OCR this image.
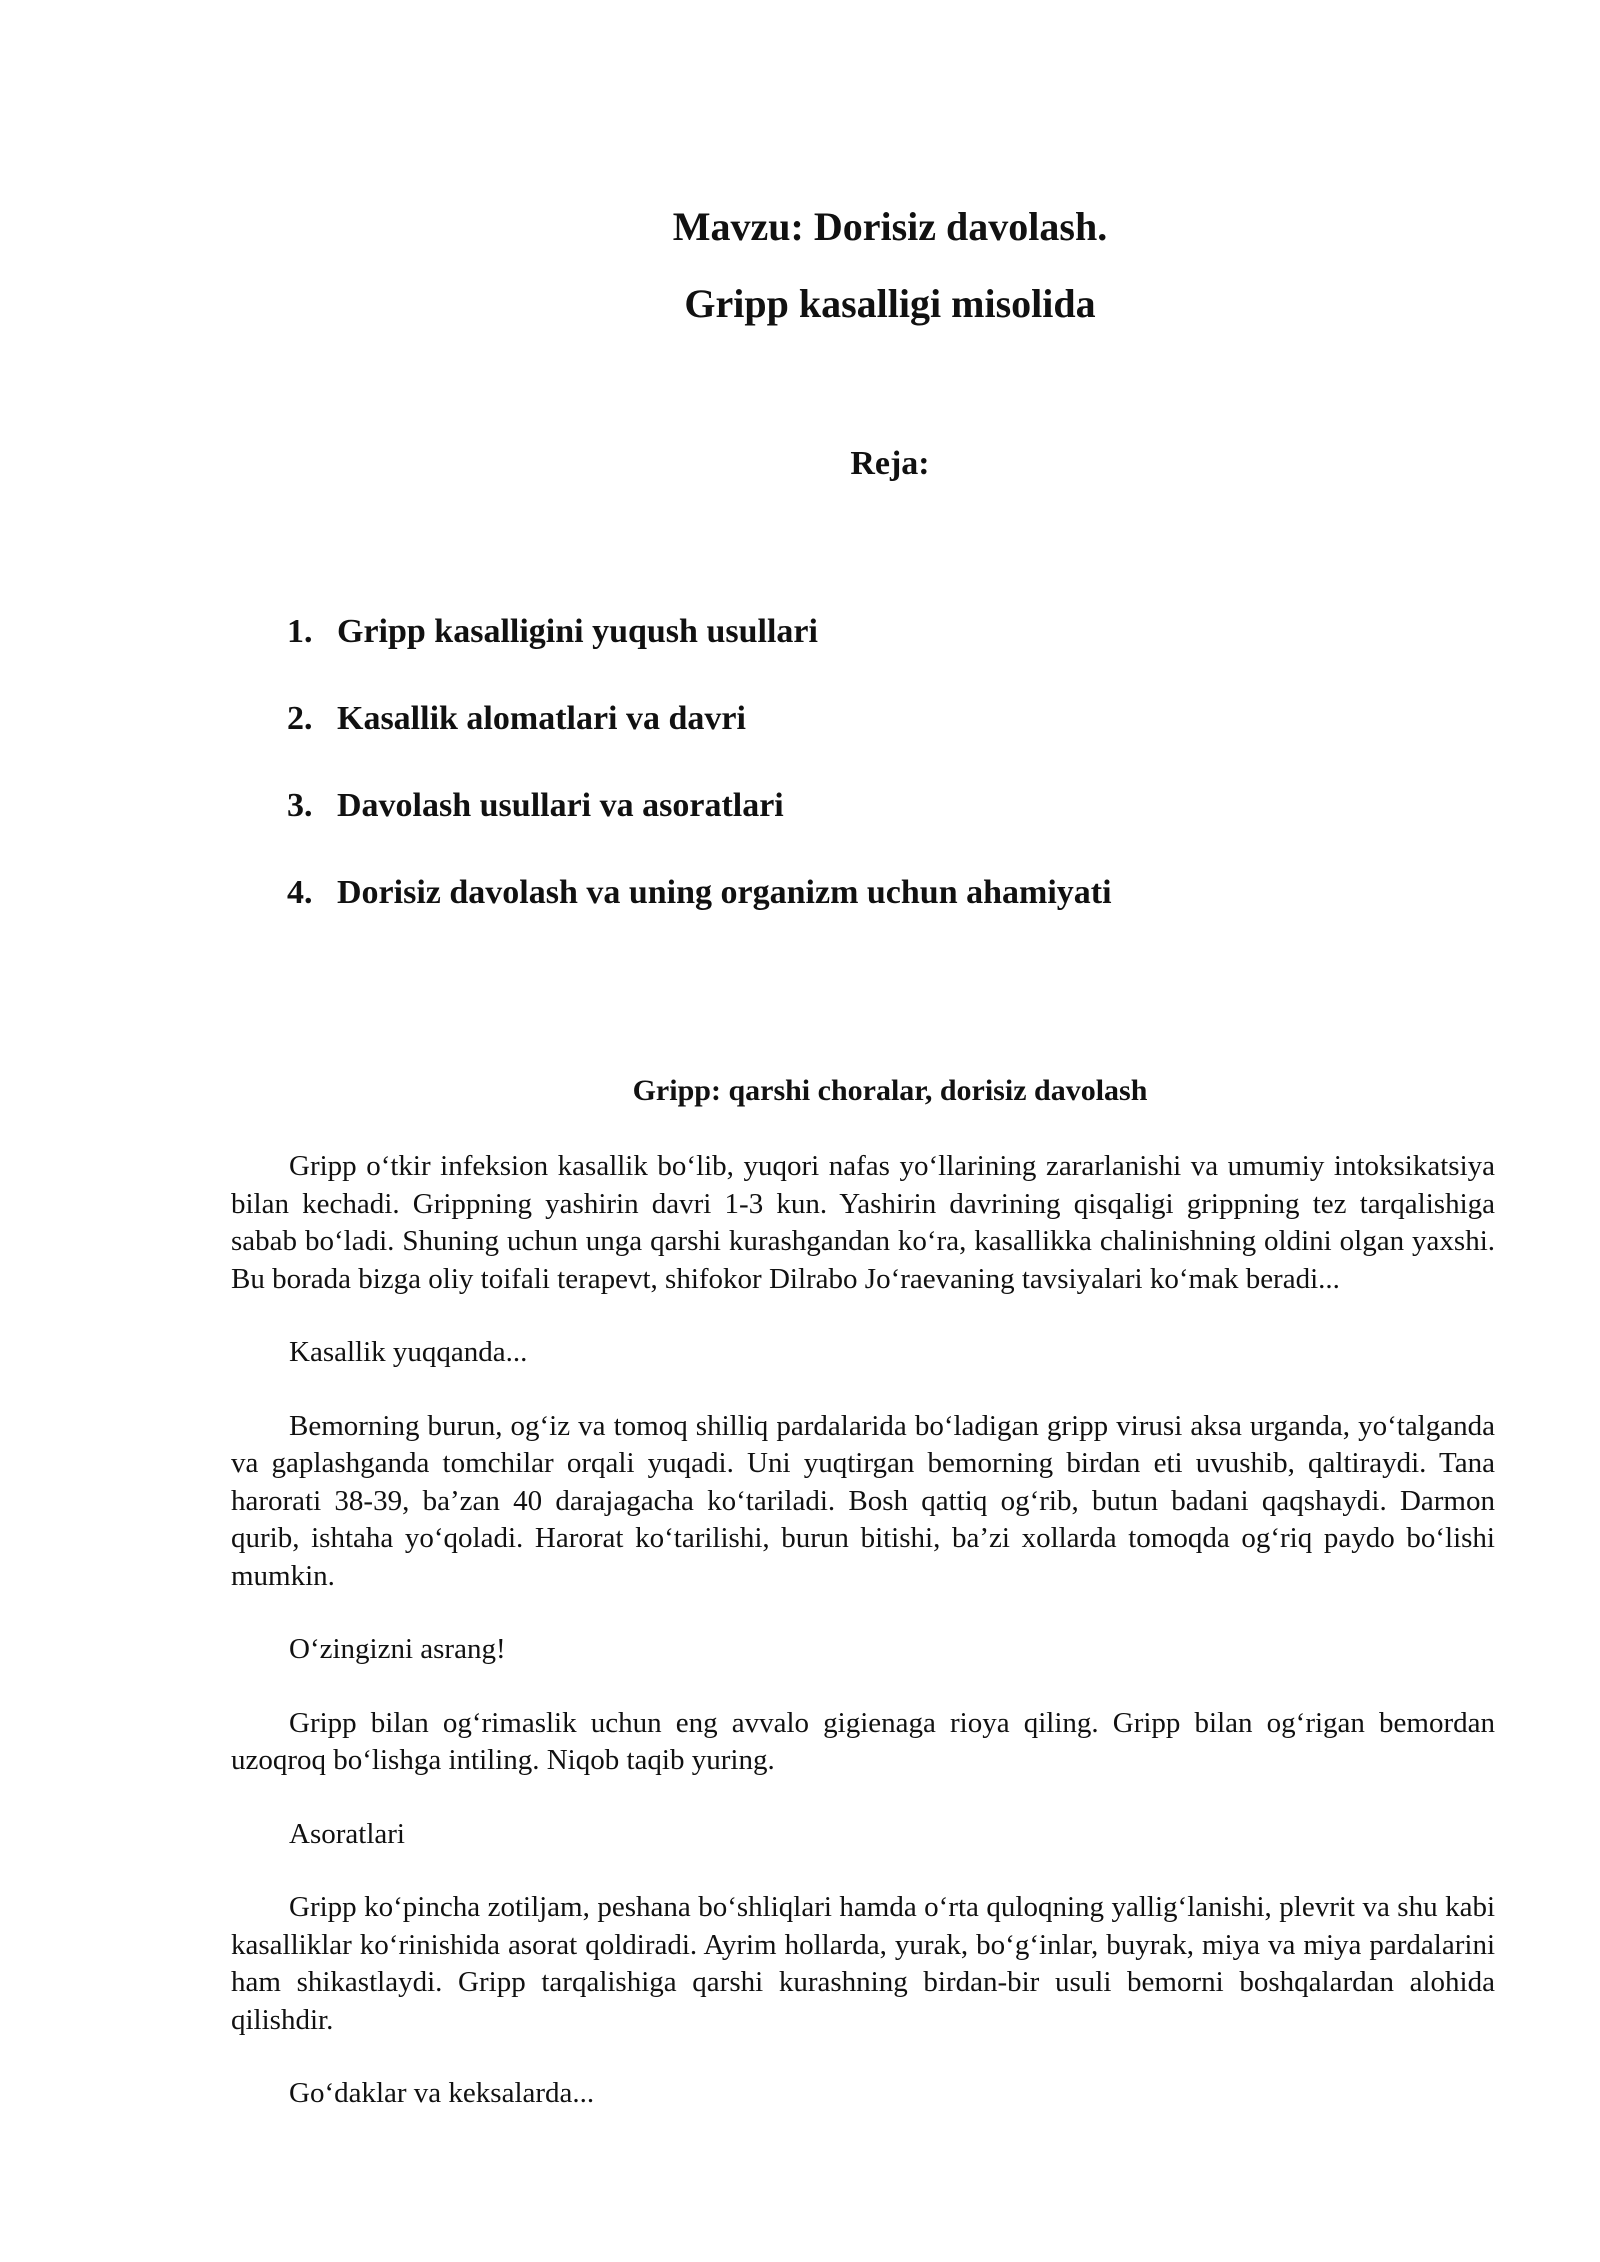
Mavzu: Dorisiz davolash.
Gripp kasalligi misolida
Reja:
1. Gripp kasalligini yuqush usullari
2. Kasallik alomatlari va davri
3. Davolash usullari va asoratlari
4. Dorisiz davolash va uning organizm uchun ahamiyati
Gripp: qarshi choralar, dorisiz davolash

Gripp o‘tkir infeksion kasallik bo‘lib, yuqori nafas yo‘llarining zararlanishi va umumiy intoksikatsiya bilan kechadi. Grippning yashirin davri 1-3 kun. Yashirin davrining qisqaligi grippning tez tarqalishiga sabab bo‘ladi. Shuning uchun unga qarshi kurashgandan ko‘ra, kasallikka chalinishning oldini olgan yaxshi. Bu borada bizga oliy toifali terapevt, shifokor Dilrabo Jo‘raevaning tavsiyalari ko‘mak beradi...

Kasallik yuqqanda...

Bemorning burun, og‘iz va tomoq shilliq pardalarida bo‘ladigan gripp virusi aksa urganda, yo‘talganda va gaplashganda tomchilar orqali yuqadi. Uni yuqtirgan bemorning birdan eti uvushib, qaltiraydi. Tana harorati 38-39, ba’zan 40 darajagacha ko‘tariladi. Bosh qattiq og‘rib, butun badani qaqshaydi. Darmon qurib, ishtaha yo‘qoladi. Harorat ko‘tarilishi, burun bitishi, ba’zi xollarda tomoqda og‘riq paydo bo‘lishi mumkin.

O‘zingizni asrang!

Gripp bilan og‘rimaslik uchun eng avvalo gigienaga rioya qiling. Gripp bilan og‘rigan bemordan uzoqroq bo‘lishga intiling. Niqob taqib yuring.

Asoratlari

Gripp ko‘pincha zotiljam, peshana bo‘shliqlari hamda o‘rta quloqning yallig‘lanishi, plevrit va shu kabi kasalliklar ko‘rinishida asorat qoldiradi. Ayrim hollarda, yurak, bo‘g‘inlar, buyrak, miya va miya pardalarini ham shikastlaydi. Gripp tarqalishiga qarshi kurashning birdan-bir usuli bemorni boshqalardan alohida qilishdir.

Go‘daklar va keksalarda...
